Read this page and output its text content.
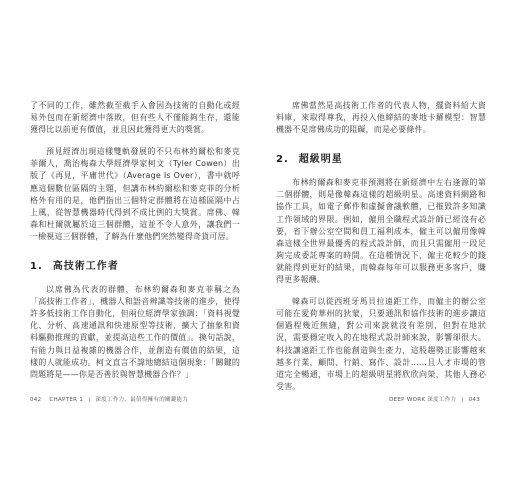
了不同的工作，雖然截至截手入會因為技術的自動化或經易外包而在新經濟中落敗，但有些人不僅能夠生存，還能獲得比以前更有價值，並且因此獲得更大的獎賞。

預見經濟出現這樣雙軌發展的不只布林約爾松和麥克菲爾人，喬治梅森大學經濟學家柯文（Tyler Cowen）出版了《再見，平庸世代》（Average Is Over），書中就呼應這個數位區隔的主題，但講布林約爾松和麥克菲的分析格外有用的是，他們指出三個特定群體將在這種區隔中占上風，從智慧機器時代得到不成比例的大獎賞。席佛、韓森和杜爾就屬於這三個群體，這並不令人意外，讓我們一一檢視這三個群體，了解為什麼他們突然變得奇貨可居。

1. 高技術工作者

以席佛為代表的群體，布林約爾森和麥克菲稱之為「高技術工作者」，機器人和語音辨識等技術的進步，使得許多低技術工作自動化，但兩位經濟學家強調：「資料視覺化、分析、高速通訊和快速原型等技術，擴大了抽象和資料驅動推理的貢獻，並提高這些工作的價值」。換句話說，有能力與日益複雜的機器合作，並創造有價值的結果，這樣的人就能成功。柯文直言不諱地總結這個現象：「關鍵的問題將是——你是否善於與智慧機器合作？」

042 CHAPTER 1 | 深度工作力，最值得擁有的關鍵能力

席佛當然是高技術工作者的代表人物，擺資料給大資料庫，來取得尊我，再投入他締結的麥地卡羅模型：智慧機器不是席佛成功的阻礙，而是必要條件。

2. 超級明星

布林約爾森和麥克菲預測將在新經濟中左右逢源的第二個群體，則是像韓森這樣的超級明星。高速資料網路和協作工具，如電子郵件和虛擬會議軟體，已摧毀許多知識工作領域的界限。例如，僱用全職程式設計師已經沒有必要，省下辦公室空間和員工福利成本，僱主可以僱用像韓森這樣全世界最優秀的程式設計師，而且只需僱用一段足夠完成委託專案的時間。在這種情況下，僱主花較少的錢就能得到更好的結果，而韓森每年可以服務更多客戶，賺得更多報酬。

韓森可以從西班牙馬貝拉遠距工作，而僱主的辦公室可能在愛荷華州的狄蒙，只要通訊和協作技術的進步讓這個過程幾近無縫，對公司來說就沒有差別，但對在地狀況，需要穩定收入的在地程式設計師來說，影響卻很大。科技讓遠距工作也能創造與生產力，這股趨勢正影響越來越多行業，顧問、行銷、寫作、設計……且人才市場的管道完全暢通，市場上的超級明星將欣欣向榮，其他人務必受害。

DEEP WORK 深度工作力 | 043
